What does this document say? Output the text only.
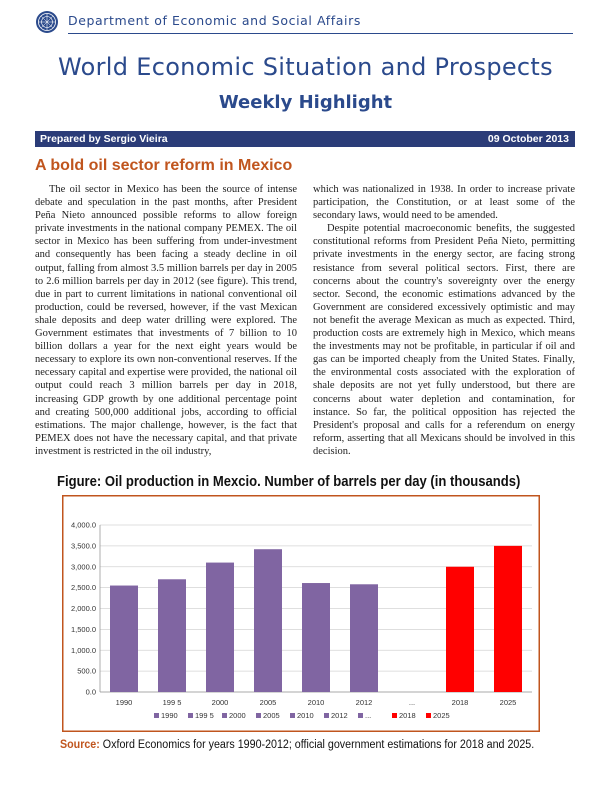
Department of Economic and Social Affairs
World Economic Situation and Prospects
Weekly Highlight
Prepared by Sergio Vieira	09 October 2013
A bold oil sector reform in Mexico

The oil sector in Mexico has been the source of intense debate and speculation in the past months, after President Peña Nieto announced possible reforms to allow foreign private investments in the national company PEMEX. The oil sector in Mexico has been suffering from under-investment and consequently has been facing a steady decline in oil output, falling from almost 3.5 million barrels per day in 2005 to 2.6 million barrels per day in 2012 (see figure). This trend, due in part to current limitations in national conventional oil production, could be reversed, however, if the vast Mexican shale deposits and deep water drilling were explored. The Government estimates that investments of 7 billion to 10 billion dollars a year for the next eight years would be necessary to explore its own non-conventional reserves. If the necessary capital and expertise were provided, the national oil output could reach 3 million barrels per day in 2018, increasing GDP growth by one additional percentage point and creating 500,000 additional jobs, according to official estimations. The major challenge, however, is the fact that PEMEX does not have the necessary capital, and that private investment is restricted in the oil industry,

which was nationalized in 1938. In order to increase private participation, the Constitution, or at least some of the secondary laws, would need to be amended.

Despite potential macroeconomic benefits, the suggested constitutional reforms from President Peña Nieto, permitting private investments in the energy sector, are facing strong resistance from several political sectors. First, there are concerns about the country's sovereignty over the energy sector. Second, the economic estimations advanced by the Government are considered excessively optimistic and may not benefit the average Mexican as much as expected. Third, production costs are extremely high in Mexico, which means the investments may not be profitable, in particular if oil and gas can be imported cheaply from the United States. Finally, the environmental costs associated with the exploration of shale deposits are not yet fully understood, but there are concerns about water depletion and contamination, for instance. So far, the political opposition has rejected the President's proposal and calls for a referendum on energy reform, asserting that all Mexicans should be involved in this decision.

Figure: Oil production in Mexcio. Number of barrels per day (in thousands)
0.0
500.0
1,000.0
1,500.0
2,000.0
2,500.0
3,000.0
3,500.0
4,000.0
1990	199 5	2000	2005	2010	2012	...	2018	2025
1990 199 5 2000 2005 2010 2012 ...	2018 2025
Source: Oxford Economics for years 1990-2012; official government estimations for 2018 and 2025.
